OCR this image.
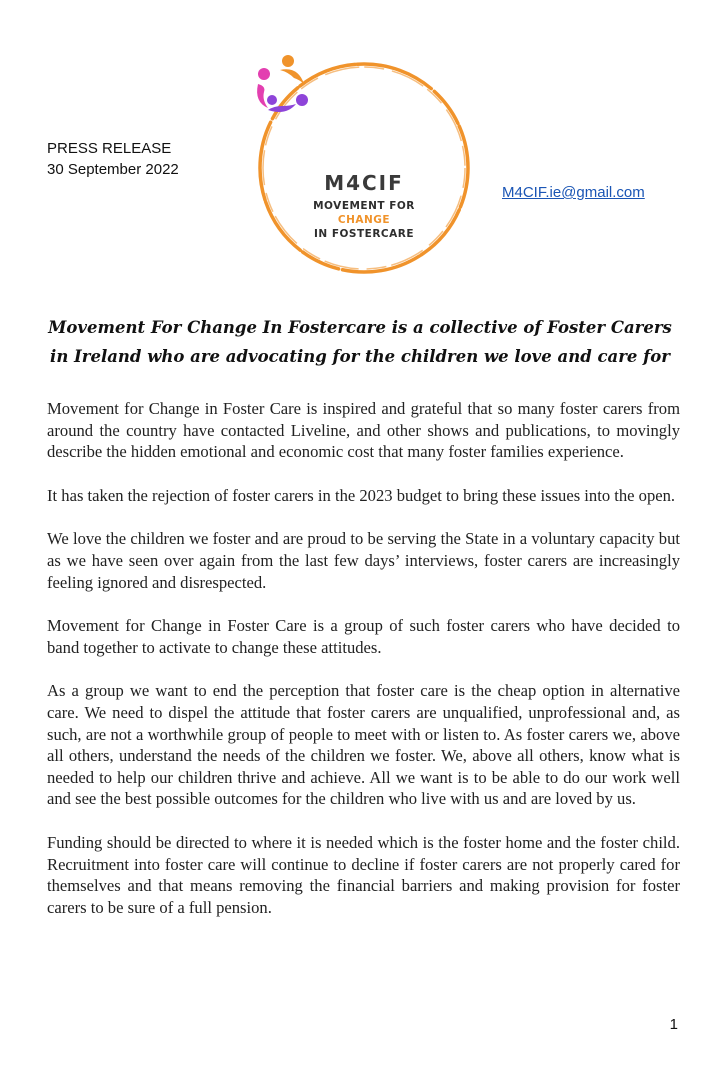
PRESS RELEASE
30 September 2022
M4CIF
MOVEMENT FOR
CHANGE
IN FOSTERCARE
M4CIF.ie@gmail.com
Movement For Change In Fostercare is a collective of Foster Carers in Ireland who are advocating for the children we love and care for

Movement for Change in Foster Care is inspired and grateful that so many foster carers from around the country have contacted Liveline, and other shows and publications, to movingly describe the hidden emotional and economic cost that many foster families experience.

It has taken the rejection of foster carers in the 2023 budget to bring these issues into the open.

We love the children we foster and are proud to be serving the State in a voluntary capacity but as we have seen over again from the last few days’ interviews, foster carers are increasingly feeling ignored and disrespected.

Movement for Change in Foster Care is a group of such foster carers who have decided to band together to activate to change these attitudes.

As a group we want to end the perception that foster care is the cheap option in alternative care. We need to dispel the attitude that foster carers are unqualified, unprofessional and, as such, are not a worthwhile group of people to meet with or listen to. As foster carers we, above all others, understand the needs of the children we foster. We, above all others, know what is needed to help our children thrive and achieve. All we want is to be able to do our work well and see the best possible outcomes for the children who live with us and are loved by us.

Funding should be directed to where it is needed which is the foster home and the foster child. Recruitment into foster care will continue to decline if foster carers are not properly cared for themselves and that means removing the financial barriers and making provision for foster carers to be sure of a full pension.

1
